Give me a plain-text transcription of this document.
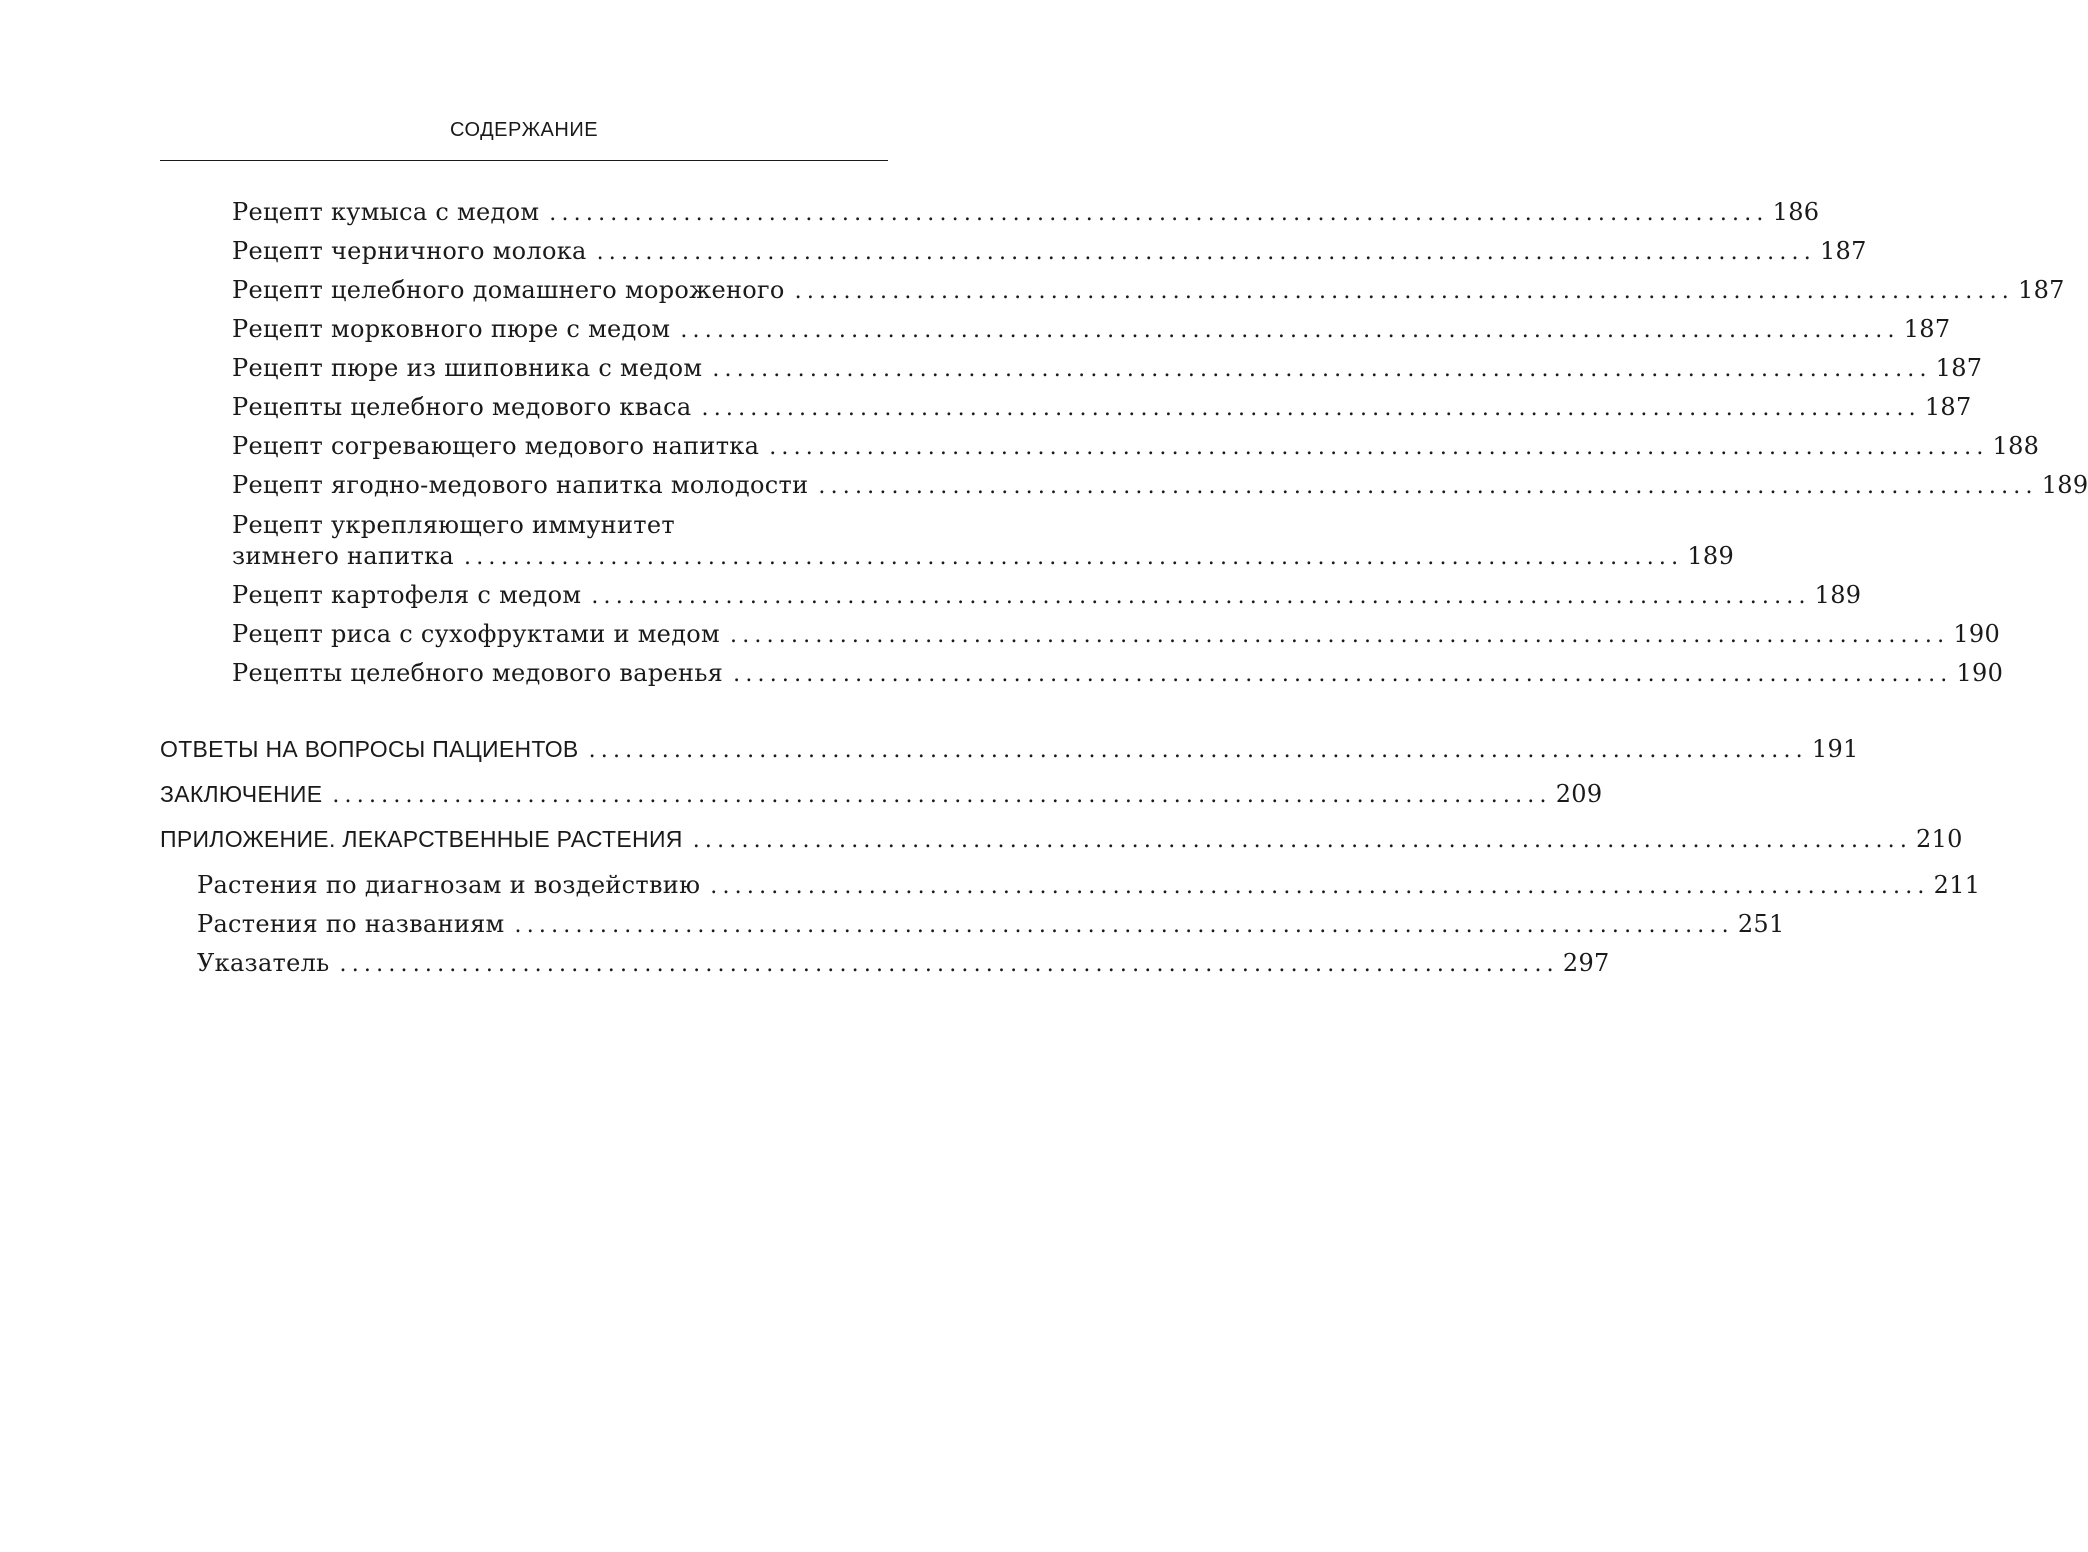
СОДЕРЖАНИЕ
Рецепт кумыса с медом .................................................................................................... 186
Рецепт черничного молока .................................................................................................... 187
Рецепт целебного домашнего мороженого .................................................................................................... 187
Рецепт морковного пюре с медом .................................................................................................... 187
Рецепт пюре из шиповника с медом .................................................................................................... 187
Рецепты целебного медового кваса .................................................................................................... 187
Рецепт согревающего медового напитка .................................................................................................... 188
Рецепт ягодно-медового напитка молодости .................................................................................................... 189
Рецепт укрепляющего иммунитет
зимнего напитка .................................................................................................... 189
Рецепт картофеля с медом .................................................................................................... 189
Рецепт риса с сухофруктами и медом .................................................................................................... 190
Рецепты целебного медового варенья .................................................................................................... 190
ОТВЕТЫ НА ВОПРОСЫ ПАЦИЕНТОВ .................................................................................................... 191
ЗАКЛЮЧЕНИЕ .................................................................................................... 209
ПРИЛОЖЕНИЕ. ЛЕКАРСТВЕННЫЕ РАСТЕНИЯ .................................................................................................... 210
Растения по диагнозам и воздействию .................................................................................................... 211
Растения по названиям .................................................................................................... 251
Указатель .................................................................................................... 297
